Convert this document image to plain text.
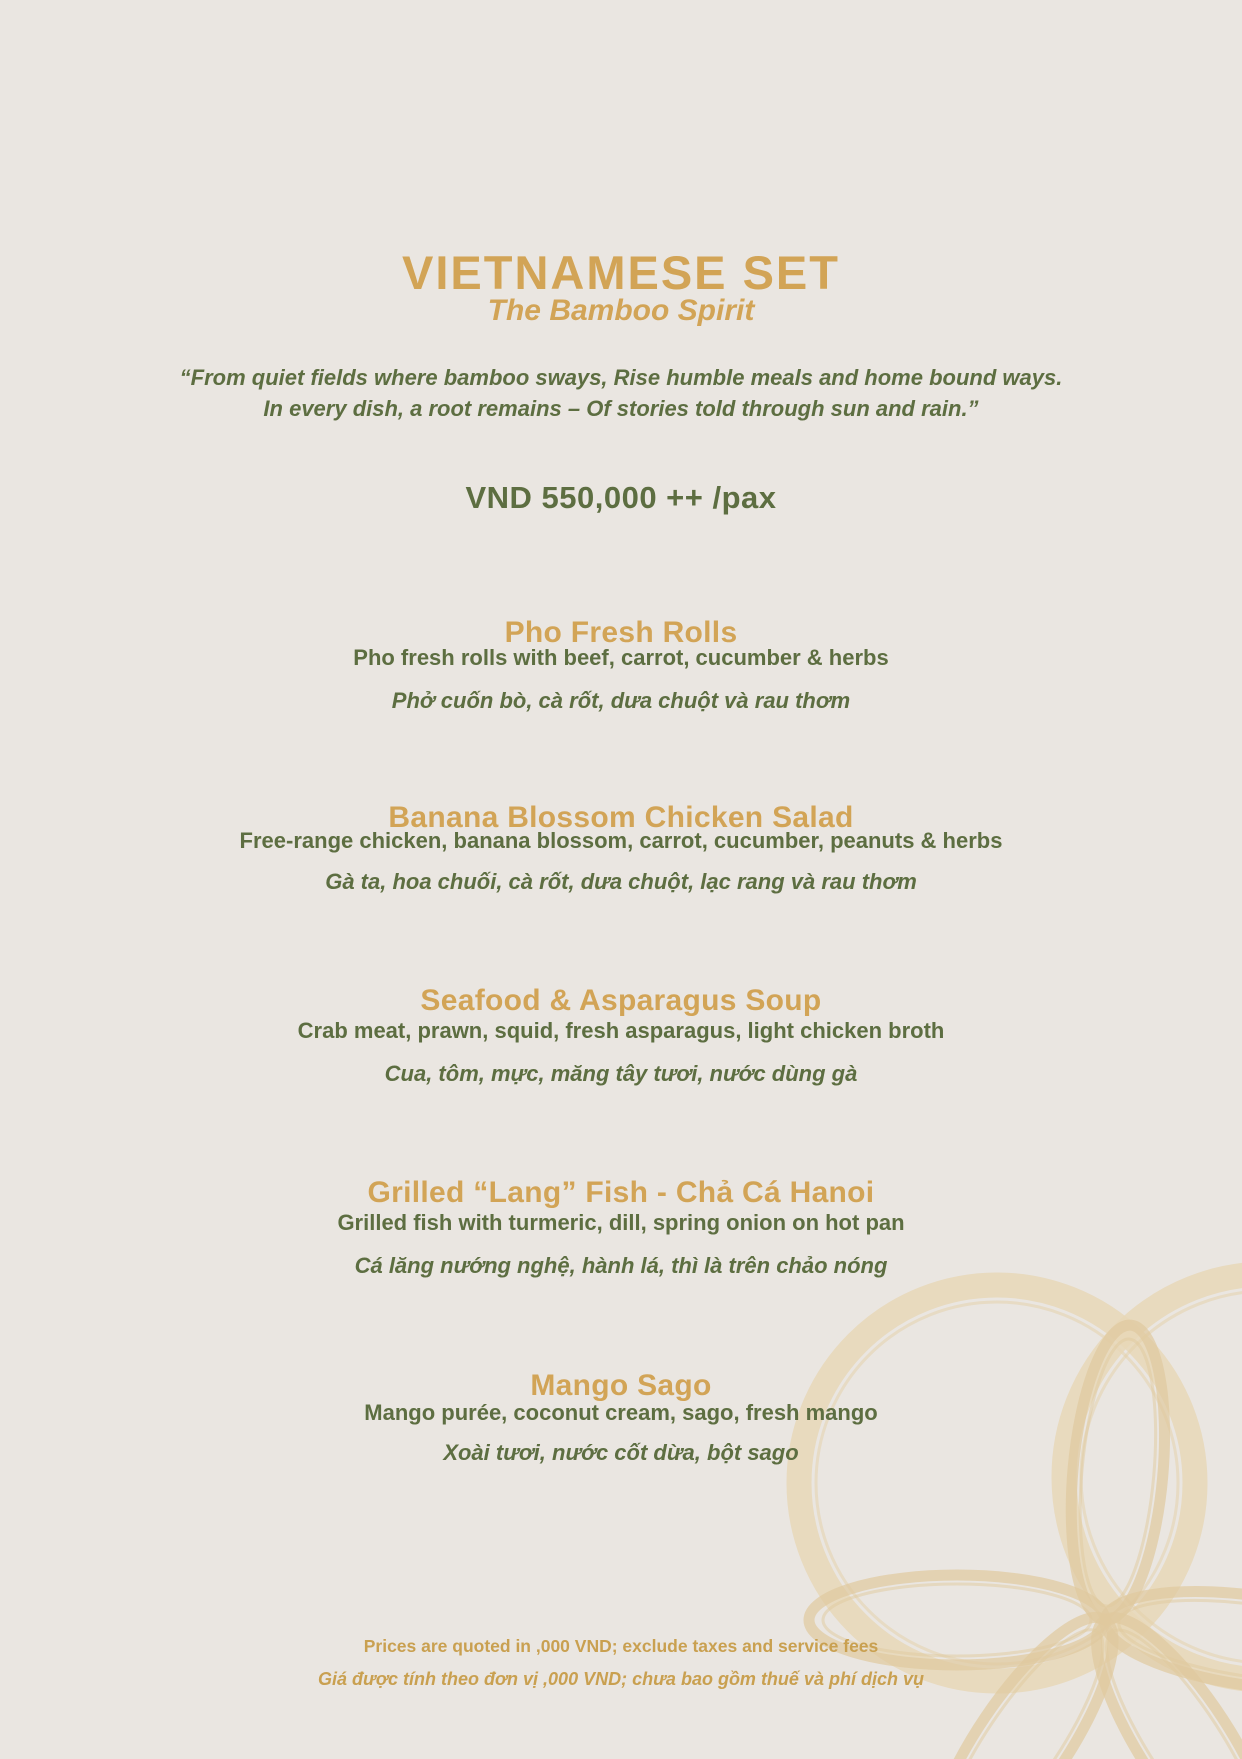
VIETNAMESE SET
The Bamboo Spirit
“From quiet fields where bamboo sways, Rise humble meals and home bound ways.
In every dish, a root remains – Of stories told through sun and rain.”
VND 550,000 ++ /pax
Pho Fresh Rolls
Pho fresh rolls with beef, carrot, cucumber & herbs
Phở cuốn bò, cà rốt, dưa chuột và rau thơm
Banana Blossom Chicken Salad
Free-range chicken, banana blossom, carrot, cucumber, peanuts & herbs
Gà ta, hoa chuối, cà rốt, dưa chuột, lạc rang và rau thơm
Seafood & Asparagus Soup
Crab meat, prawn, squid, fresh asparagus, light chicken broth
Cua, tôm, mực, măng tây tươi, nước dùng gà
Grilled “Lang” Fish - Chả Cá Hanoi
Grilled fish with turmeric, dill, spring onion on hot pan
Cá lăng nướng nghệ, hành lá, thì là trên chảo nóng
Mango Sago
Mango purée, coconut cream, sago, fresh mango
Xoài tươi, nước cốt dừa, bột sago
Prices are quoted in ,000 VND; exclude taxes and service fees
Giá được tính theo đơn vị ,000 VND; chưa bao gồm thuế và phí dịch vụ
